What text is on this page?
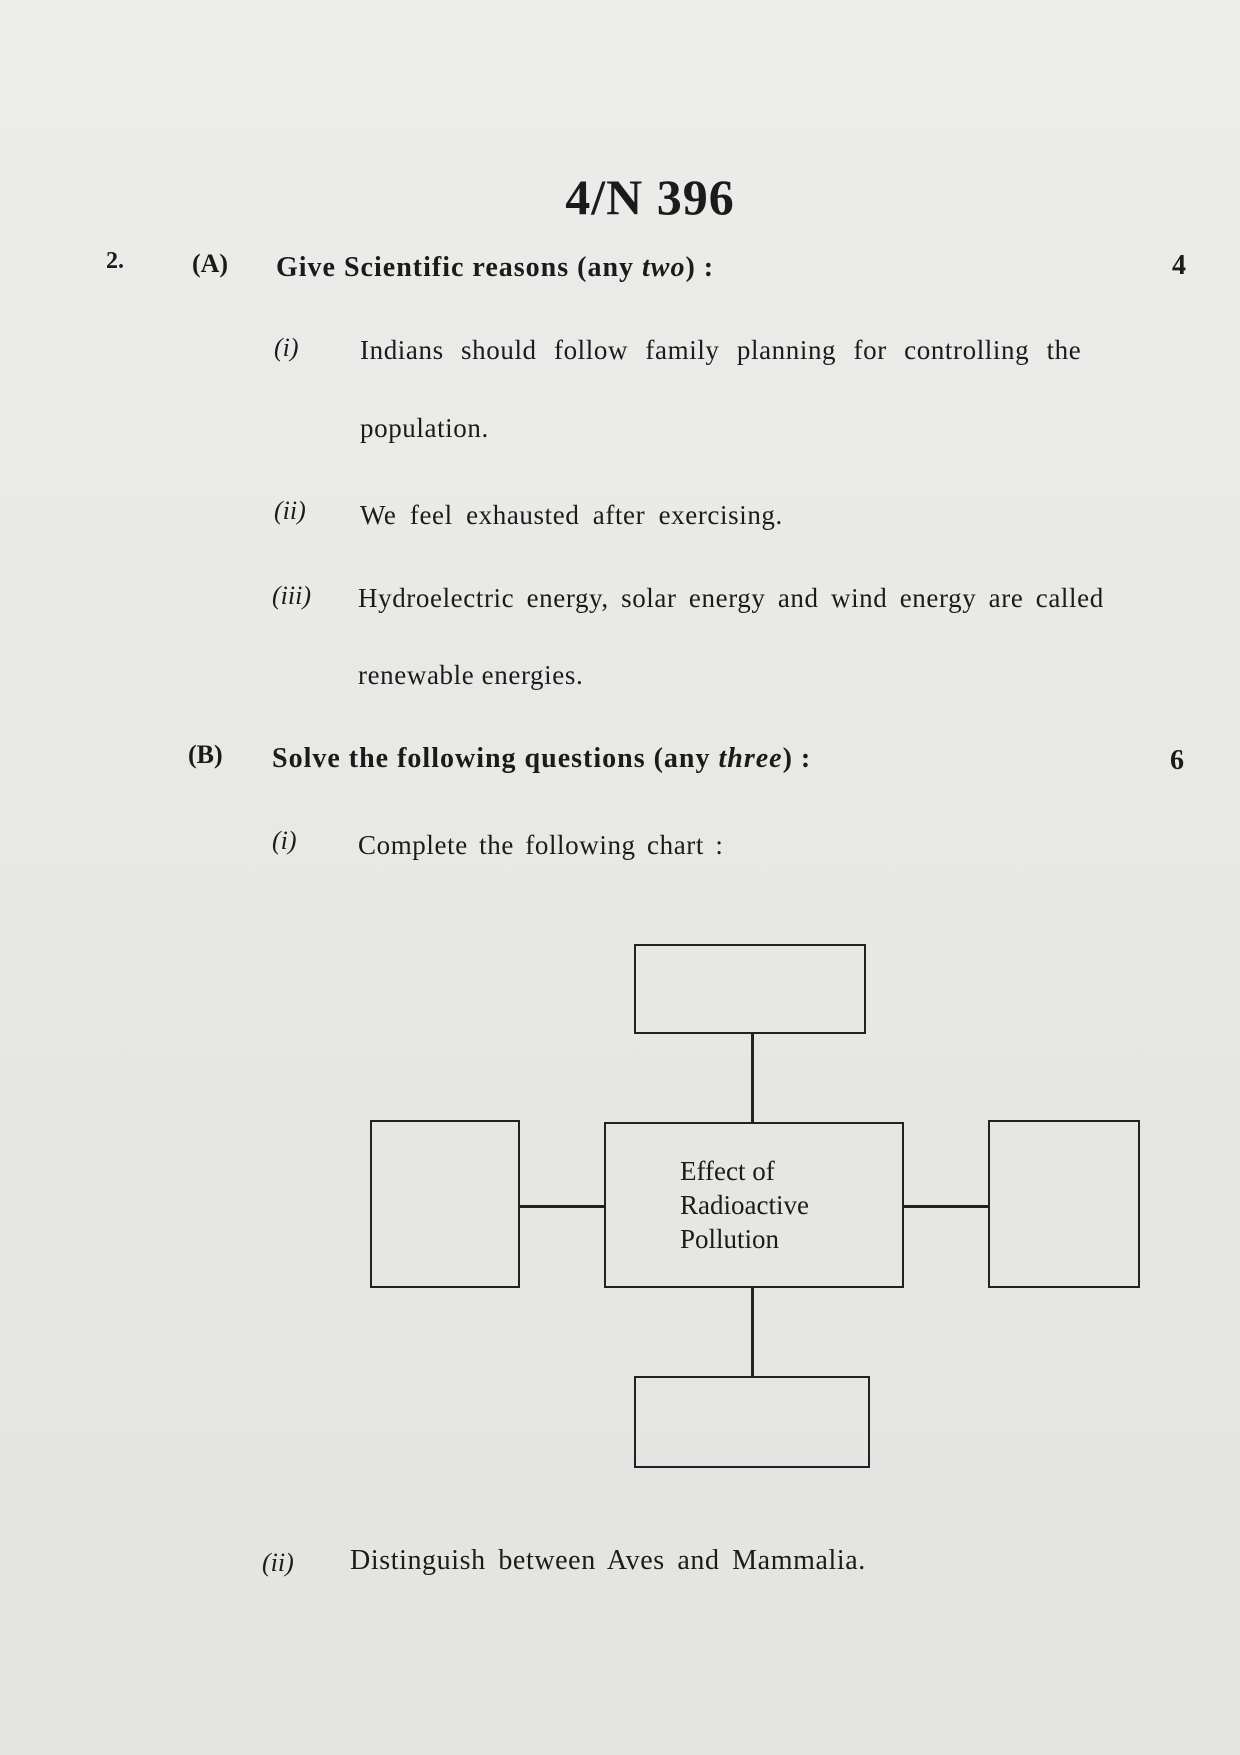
4/N 396
2.	(A) Give Scientific reasons (any two) :	4
(i) Indians should follow family planning for controlling the
population.
(ii) We feel exhausted after exercising.
(iii) Hydroelectric energy, solar energy and wind energy are called
renewable energies.
(B) Solve the following questions (any three) :	6
(i) Complete the following chart :
Effect of
Radioactive
Pollution
(ii) Distinguish between Aves and Mammalia.
